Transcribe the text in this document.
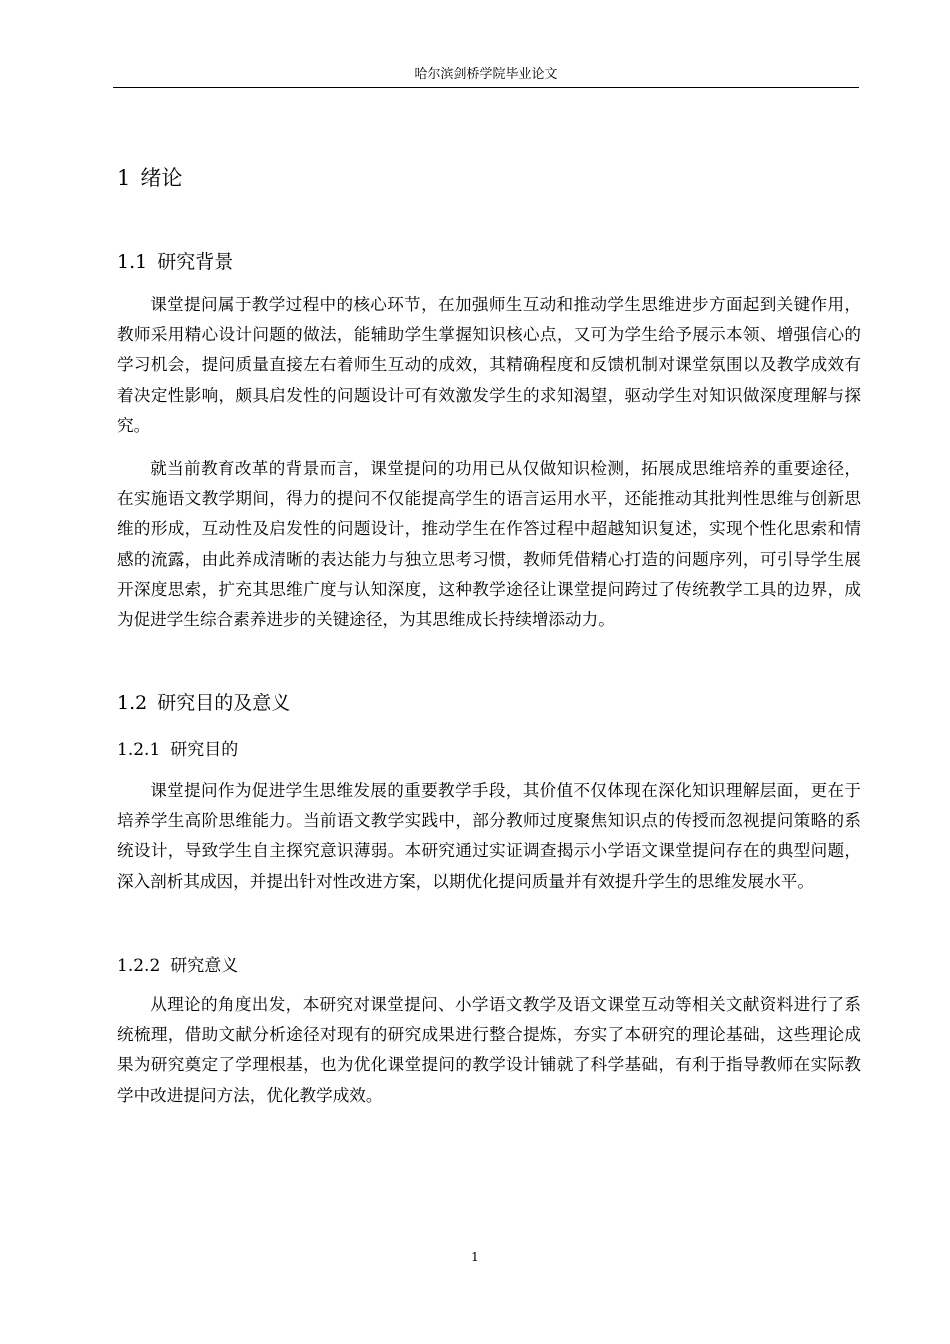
哈尔滨剑桥学院毕业论文
1 绪论
1.1 研究背景

课堂提问属于教学过程中的核心环节，在加强师生互动和推动学生思维进步方面起到关键作用，教师采用精心设计问题的做法，能辅助学生掌握知识核心点，又可为学生给予展示本领、增强信心的学习机会，提问质量直接左右着师生互动的成效，其精确程度和反馈机制对课堂氛围以及教学成效有着决定性影响，颇具启发性的问题设计可有效激发学生的求知渴望，驱动学生对知识做深度理解与探究。

就当前教育改革的背景而言，课堂提问的功用已从仅做知识检测，拓展成思维培养的重要途径，在实施语文教学期间，得力的提问不仅能提高学生的语言运用水平，还能推动其批判性思维与创新思维的形成，互动性及启发性的问题设计，推动学生在作答过程中超越知识复述，实现个性化思索和情感的流露，由此养成清晰的表达能力与独立思考习惯，教师凭借精心打造的问题序列，可引导学生展开深度思索，扩充其思维广度与认知深度，这种教学途径让课堂提问跨过了传统教学工具的边界，成为促进学生综合素养进步的关键途径，为其思维成长持续增添动力。

1.2 研究目的及意义
1.2.1 研究目的

课堂提问作为促进学生思维发展的重要教学手段，其价值不仅体现在深化知识理解层面，更在于培养学生高阶思维能力。当前语文教学实践中，部分教师过度聚焦知识点的传授而忽视提问策略的系统设计，导致学生自主探究意识薄弱。本研究通过实证调查揭示小学语文课堂提问存在的典型问题，深入剖析其成因，并提出针对性改进方案，以期优化提问质量并有效提升学生的思维发展水平。

1.2.2 研究意义

从理论的角度出发，本研究对课堂提问、小学语文教学及语文课堂互动等相关文献资料进行了系统梳理，借助文献分析途径对现有的研究成果进行整合提炼，夯实了本研究的理论基础，这些理论成果为研究奠定了学理根基，也为优化课堂提问的教学设计铺就了科学基础，有利于指导教师在实际教学中改进提问方法，优化教学成效。

1
